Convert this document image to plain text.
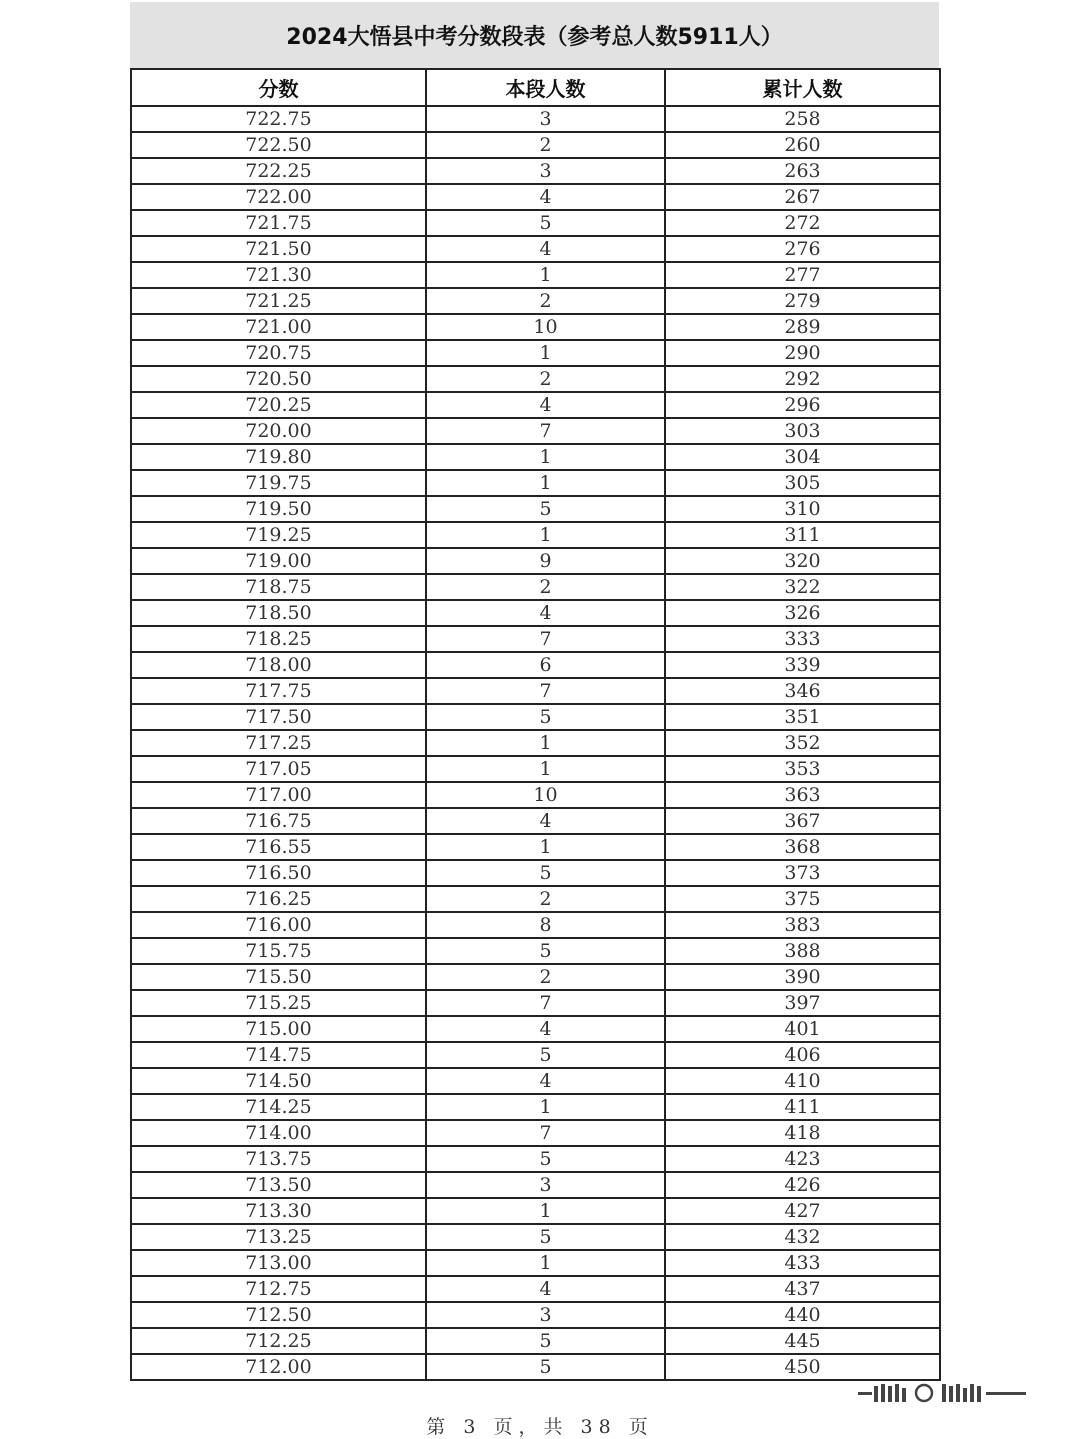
2024大悟县中考分数段表（参考总人数5911人）
分数	本段人数	累计人数
722.75	3	258
722.50	2	260
722.25	3	263
722.00	4	267
721.75	5	272
721.50	4	276
721.30	1	277
721.25	2	279
721.00	10	289
720.75	1	290
720.50	2	292
720.25	4	296
720.00	7	303
719.80	1	304
719.75	1	305
719.50	5	310
719.25	1	311
719.00	9	320
718.75	2	322
718.50	4	326
718.25	7	333
718.00	6	339
717.75	7	346
717.50	5	351
717.25	1	352
717.05	1	353
717.00	10	363
716.75	4	367
716.55	1	368
716.50	5	373
716.25	2	375
716.00	8	383
715.75	5	388
715.50	2	390
715.25	7	397
715.00	4	401
714.75	5	406
714.50	4	410
714.25	1	411
714.00	7	418
713.75	5	423
713.50	3	426
713.30	1	427
713.25	5	432
713.00	1	433
712.75	4	437
712.50	3	440
712.25	5	445
712.00	5	450
第 3 页，共 38 页
